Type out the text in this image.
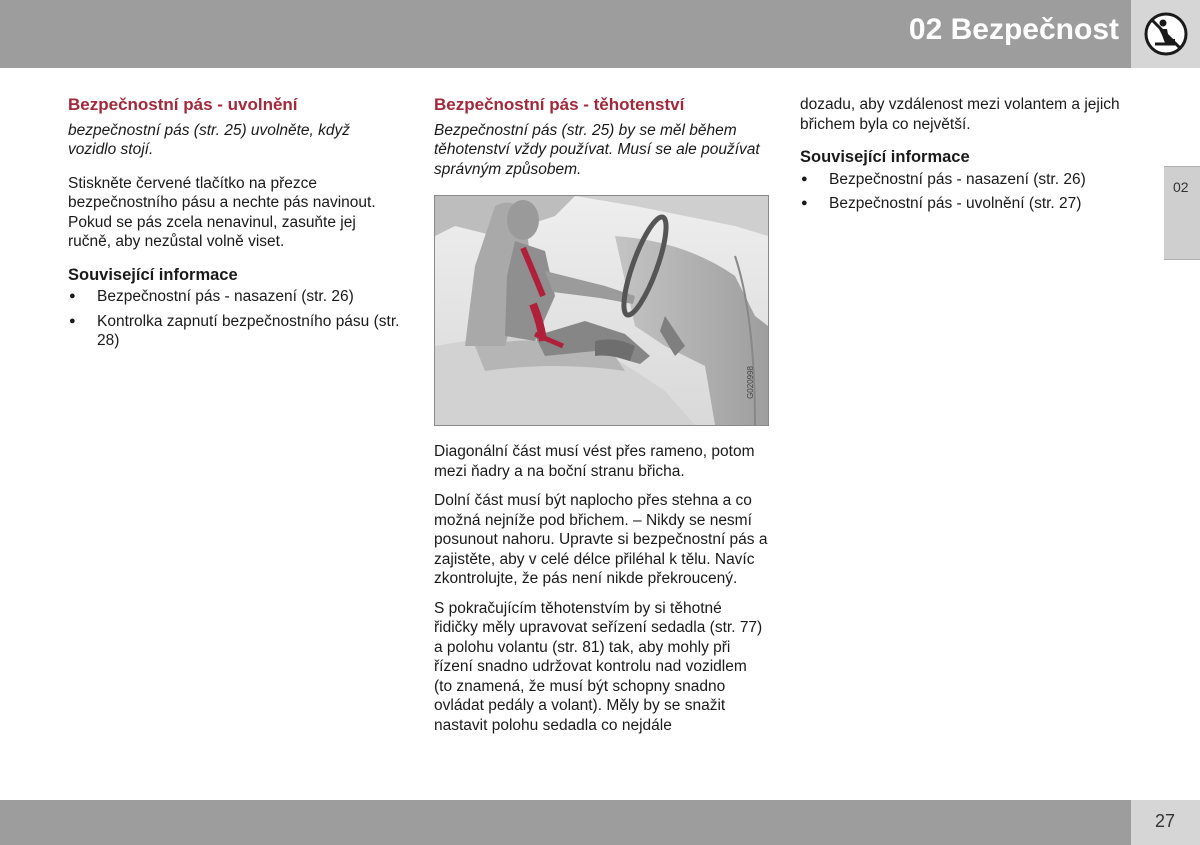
02 Bezpečnost
02
Bezpečnostní pás - uvolnění

bezpečnostní pás (str. 25) uvolněte, když vozidlo stojí.

Stiskněte červené tlačítko na přezce bezpečnostního pásu a nechte pás navinout. Pokud se pás zcela nenavinul, zasuňte jej ručně, aby nezůstal volně viset.

Související informace
● Bezpečnostní pás - nasazení (str. 26)
● Kontrolka zapnutí bezpečnostního pásu (str. 28)
Bezpečnostní pás - těhotenství

Bezpečnostní pás (str. 25) by se měl během těhotenství vždy používat. Musí se ale používat správným způsobem.

G020998

Diagonální část musí vést přes rameno, potom mezi ňadry a na boční stranu břicha.

Dolní část musí být naplocho přes stehna a co možná nejníže pod břichem. – Nikdy se nesmí posunout nahoru. Upravte si bezpečnostní pás a zajistěte, aby v celé délce přiléhal k tělu. Navíc zkontrolujte, že pás není nikde překroucený.

S pokračujícím těhotenstvím by si těhotné řidičky měly upravovat seřízení sedadla (str. 77) a polohu volantu (str. 81) tak, aby mohly při řízení snadno udržovat kontrolu nad vozidlem (to znamená, že musí být schopny snadno ovládat pedály a volant). Měly by se snažit nastavit polohu sedadla co nejdále

dozadu, aby vzdálenost mezi volantem a jejich břichem byla co největší.

Související informace
● Bezpečnostní pás - nasazení (str. 26)
● Bezpečnostní pás - uvolnění (str. 27)
27
